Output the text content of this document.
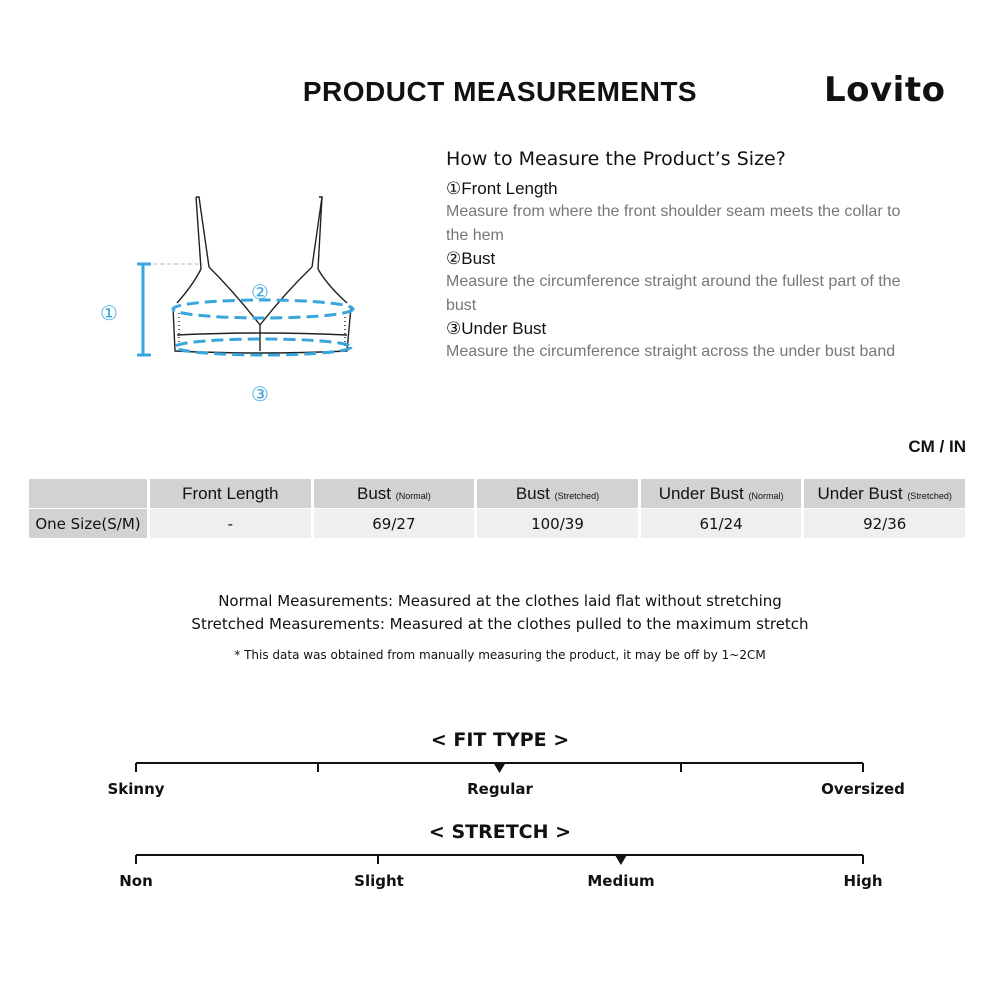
PRODUCT MEASUREMENTS	Lovito
①
②
③
How to Measure the Product’s Size?
①Front Length
Measure from where the front shoulder seam meets the collar to the hem
②Bust
Measure the circumference straight around the fullest part of the bust
③Under Bust
Measure the circumference straight across the under bust band
CM / IN
	Front Length	Bust (Normal)	Bust (Stretched)	Under Bust (Normal)	Under Bust (Stretched)
One Size(S/M)	-	69/27	100/39	61/24	92/36
Normal Measurements: Measured at the clothes laid flat without stretching
Stretched Measurements: Measured at the clothes pulled to the maximum stretch
* This data was obtained from manually measuring the product, it may be off by 1~2CM
< FIT TYPE >
Skinny	Regular	Oversized
< STRETCH >
Non	Slight	Medium	High
